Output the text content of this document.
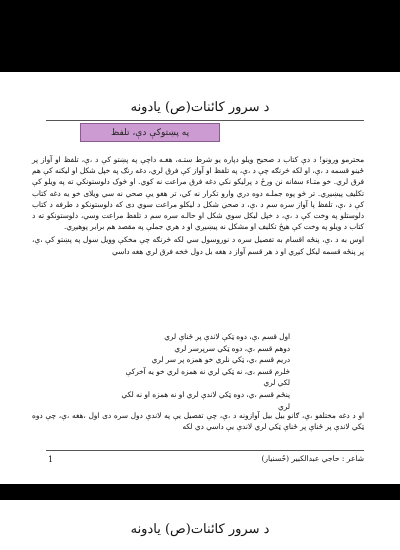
د سرور کائنات(ص) یادونه
په پښتوکې دې، تلفظ

محترمو ورونو! د دې کتاب د صحيح ويلو دپاره يو شرط ستـه، هغـه داچې په پښتو کې د ،ې، تلفظ او آواز پر ځينو قسمه د ،ې، او لکه څرنګه چې د ،ې، په تلفظ او آواز کې فرق لري، دغه رنګ په خپل شکل او ليکنه کې هم فرق لري. خو متـاء سفانه نن ورځ د پرليکو نکي دغه فرق مراعت نه کوي. او څوک دلوستونکي ته په ويلو کې تکليف پيښيږي. تر څو پوه جملـه دوه دري وارو تکرار نه کي، تر هغو يې صحي نه سي ويلای خو يه دغه کتاب کې د ،ې، تلفظ پا آواز سره سم د ،ې، د صحي شکل د ليکلو مراعت سوي دی که دلوستونکو د طرفه د کتاب دلوستلو په وخت کې د ،ې، د خپل ليکل سوي شکل او حالـه سره سم د تلفظ مراعت وسي، دلوستونکو ته د کتاب د ويلو په وخت کې هيڅ تکليف او مشکل نه پيښيږي او د هري جملې په مقصد هم برابر پوهيږي.

اوس به د ،ې، پنځه اقسام به تفصيل سره د نوروسول سي لکه څرنګه چې مخکې وويل سول په پښتو کې ،ې، پر پنځه قسمه ليکل کيږي او د هر قسم آواز د هغه بل دول څخه فرق لري هغه داسي

اول قسم ،ې، دوه ټکې لاندې پر ځناې لري
دوهم قسم ،ې، دوه ټکي سرپرسر لري
دريم قسم ،ي، ټکي نلري خو همزه پر سر لري
څلرم قسم ،ی، نه ټکي لري نه همزه لري خو يه آخرکې لکي لري
پنځم قسم ،ي، دوه ټکي لاندې لري او نه همزه او نه لکي لري
او د دغه مختلفو ،ې، ګانو بيل بيل آوازونه د ،ې، چې تفصيل يې په لاندې دول سره دی اول ،هغه ،ې، چې دوه ټکي لاندې پر ځناې پر ځناې ټکي لري لاندې يې داسي دي لکه
شاعر : حاجي عبدالکبير (حُسنيار)
1
د سرور کائنات(ص) یادونه
